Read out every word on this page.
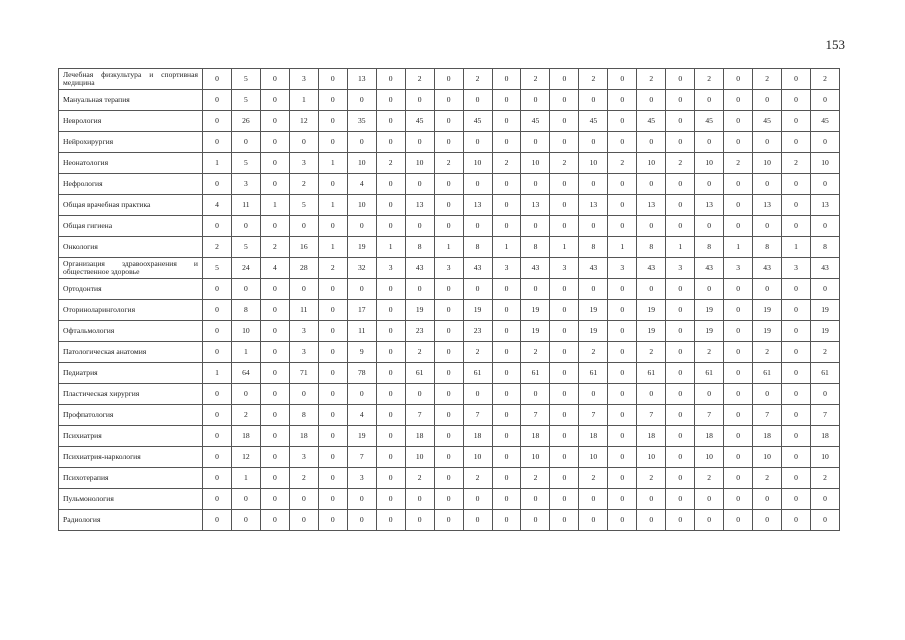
153
Лечебная физкультура и спортивная медицина	0	5	0	3	0	13	0	2	0	2	0	2	0	2	0	2	0	2	0	2	0	2
Мануальная терапия	0	5	0	1	0	0	0	0	0	0	0	0	0	0	0	0	0	0	0	0	0	0
Неврология	0	26	0	12	0	35	0	45	0	45	0	45	0	45	0	45	0	45	0	45	0	45
Нейрохирургия	0	0	0	0	0	0	0	0	0	0	0	0	0	0	0	0	0	0	0	0	0	0
Неонатология	1	5	0	3	1	10	2	10	2	10	2	10	2	10	2	10	2	10	2	10	2	10
Нефрология	0	3	0	2	0	4	0	0	0	0	0	0	0	0	0	0	0	0	0	0	0	0
Общая врачебная практика	4	11	1	5	1	10	0	13	0	13	0	13	0	13	0	13	0	13	0	13	0	13
Общая гигиена	0	0	0	0	0	0	0	0	0	0	0	0	0	0	0	0	0	0	0	0	0	0
Онкология	2	5	2	16	1	19	1	8	1	8	1	8	1	8	1	8	1	8	1	8	1	8
Организация здравоохранения и общественное здоровье	5	24	4	28	2	32	3	43	3	43	3	43	3	43	3	43	3	43	3	43	3	43
Ортодонтия	0	0	0	0	0	0	0	0	0	0	0	0	0	0	0	0	0	0	0	0	0	0
Оториноларингология	0	8	0	11	0	17	0	19	0	19	0	19	0	19	0	19	0	19	0	19	0	19
Офтальмология	0	10	0	3	0	11	0	23	0	23	0	19	0	19	0	19	0	19	0	19	0	19
Патологическая анатомия	0	1	0	3	0	9	0	2	0	2	0	2	0	2	0	2	0	2	0	2	0	2
Педиатрия	1	64	0	71	0	78	0	61	0	61	0	61	0	61	0	61	0	61	0	61	0	61
Пластическая хирургия	0	0	0	0	0	0	0	0	0	0	0	0	0	0	0	0	0	0	0	0	0	0
Профпатология	0	2	0	8	0	4	0	7	0	7	0	7	0	7	0	7	0	7	0	7	0	7
Психиатрия	0	18	0	18	0	19	0	18	0	18	0	18	0	18	0	18	0	18	0	18	0	18
Психиатрия-наркология	0	12	0	3	0	7	0	10	0	10	0	10	0	10	0	10	0	10	0	10	0	10
Психотерапия	0	1	0	2	0	3	0	2	0	2	0	2	0	2	0	2	0	2	0	2	0	2
Пульмонология	0	0	0	0	0	0	0	0	0	0	0	0	0	0	0	0	0	0	0	0	0	0
Радиология	0	0	0	0	0	0	0	0	0	0	0	0	0	0	0	0	0	0	0	0	0	0
